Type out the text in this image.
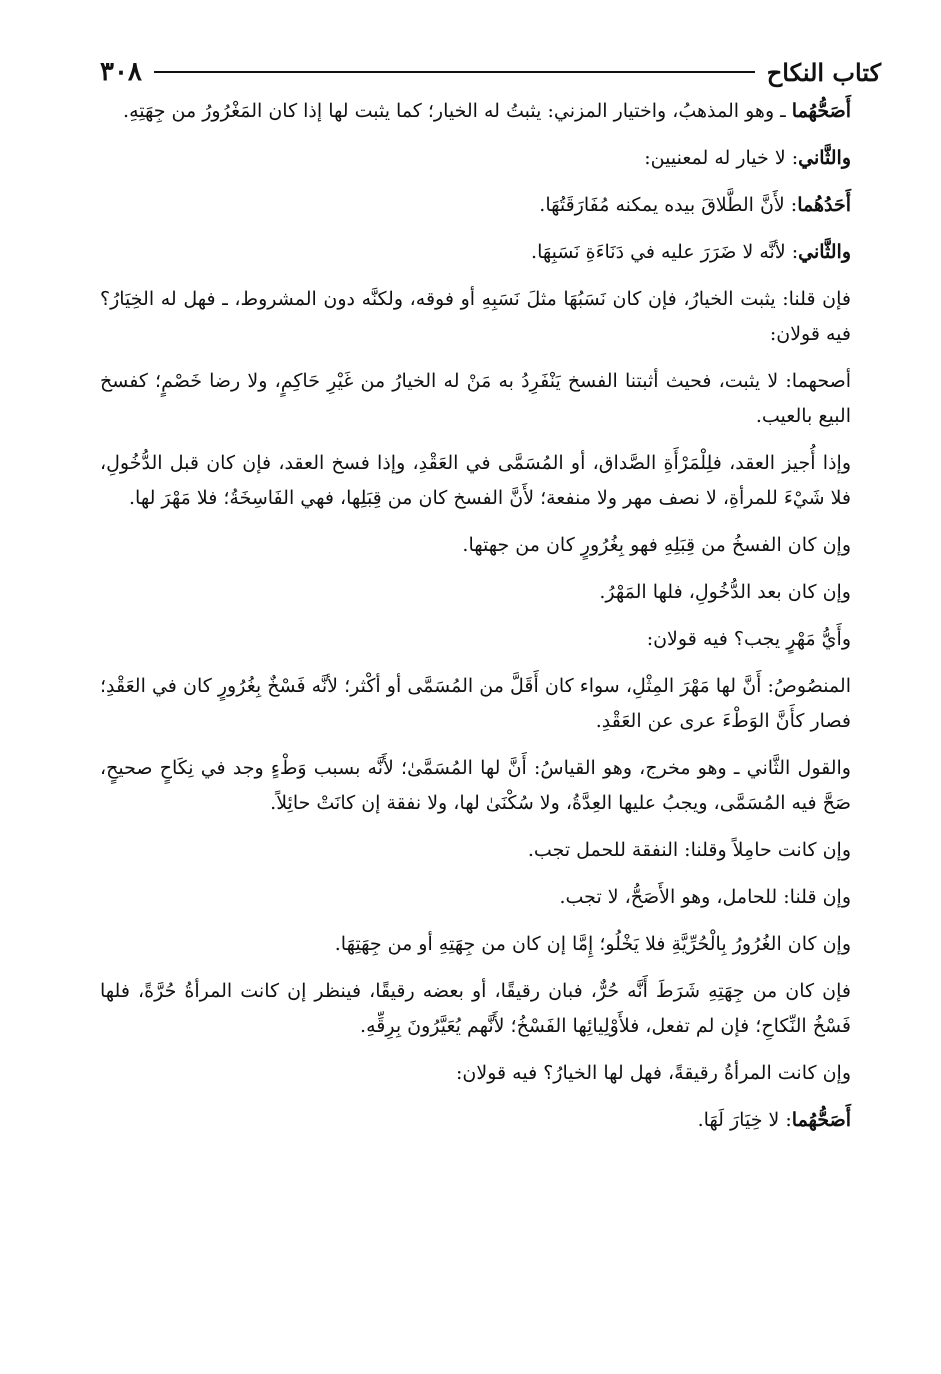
كتاب النكاح
٣٠٨

أَصَحُّهُما ـ وهو المذهبُ، واختيار المزني: يثبتُ له الخيار؛ كما يثبت لها إذا كان المَغْرُورُ من جِهَتِهِ.

والثَّاني: لا خيار له لمعنيين:

أَحَدُهُما: لأَنَّ الطَّلاقَ بيده يمكنه مُفَارَقَتُهَا.

والثَّاني: لأنَّه لا ضَرَرَ عليه في دَنَاءَةِ نَسَبِهَا.

فإن قلنا: يثبت الخيارُ، فإن كان نَسَبُهَا مثلَ نَسَبِهِ أو فوقه، ولكنَّه دون المشروط، ـ فهل له الخِيَارُ؟ فيه قولان:

أصحهما: لا يثبت، فحيث أثبتنا الفسخ يَنْفَرِدُ به مَنْ له الخيارُ من غَيْرِ حَاكِمٍ، ولا رضا خَصْمٍ؛ كفسخ البيع بالعيب.

وإذا أُجيز العقد، فلِلْمَرْأَةِ الصَّداق، أو المُسَمَّى في العَقْدِ، وإذا فسخ العقد، فإن كان قبل الدُّخُولِ، فلا شَيْءَ للمرأةِ، لا نصف مهر ولا منفعة؛ لأَنَّ الفسخ كان من قِبَلِها، فهي الفَاسِخَةُ؛ فلا مَهْرَ لها.

وإن كان الفسخُ من قِبَلِهِ فهو بِغُرُورٍ كان من جهتها.

وإن كان بعد الدُّخُولِ، فلها المَهْرُ.

وأَيُّ مَهْرٍ يجب؟ فيه قولان:

المنصُوصُ: أَنَّ لها مَهْرَ المِثْلِ، سواء كان أَقَلَّ من المُسَمَّى أو أكْثر؛ لأنَّه فَسْخٌ بِغُرُورٍ كان في العَقْدِ؛ فصار كأَنَّ الوَطْءَ عرى عن العَقْدِ.

والقول الثَّاني ـ وهو مخرج، وهو القياسُ: أَنَّ لها المُسَمَّىٰ؛ لأَنَّه بسبب وَطْءٍ وجد في نِكَاحٍ صحيحٍ، صَحَّ فيه المُسَمَّى، ويجبُ عليها العِدَّةُ، ولا سُكْنَىٰ لها، ولا نفقة إن كانَتْ حائِلاً.

وإن كانت حامِلاً وقلنا: النفقة للحمل تجب.

وإن قلنا: للحامل، وهو الأَصَحُّ، لا تجب.

وإن كان الغُرُورُ بِالْحُرِّيَّةِ فلا يَخْلُو؛ إِمَّا إن كان من جِهَتِهِ أو من جِهَتِهَا.

فإن كان من جِهَتِهِ شَرَطَ أَنَّه حُرٌّ، فبان رقيقًا، أو بعضه رقيقًا، فينظر إن كانت المرأةُ حُرَّةً، فلها فَسْخُ النِّكاحِ؛ فإن لم تفعل، فلأَوْلِيائِها الفَسْخُ؛ لأَنَّهم يُعَيَّرُونَ بِرِقِّهِ.

وإن كانت المرأةُ رقيقةً، فهل لها الخيارُ؟ فيه قولان:

أَصَحُّهُما: لا خِيَارَ لَهَا.
